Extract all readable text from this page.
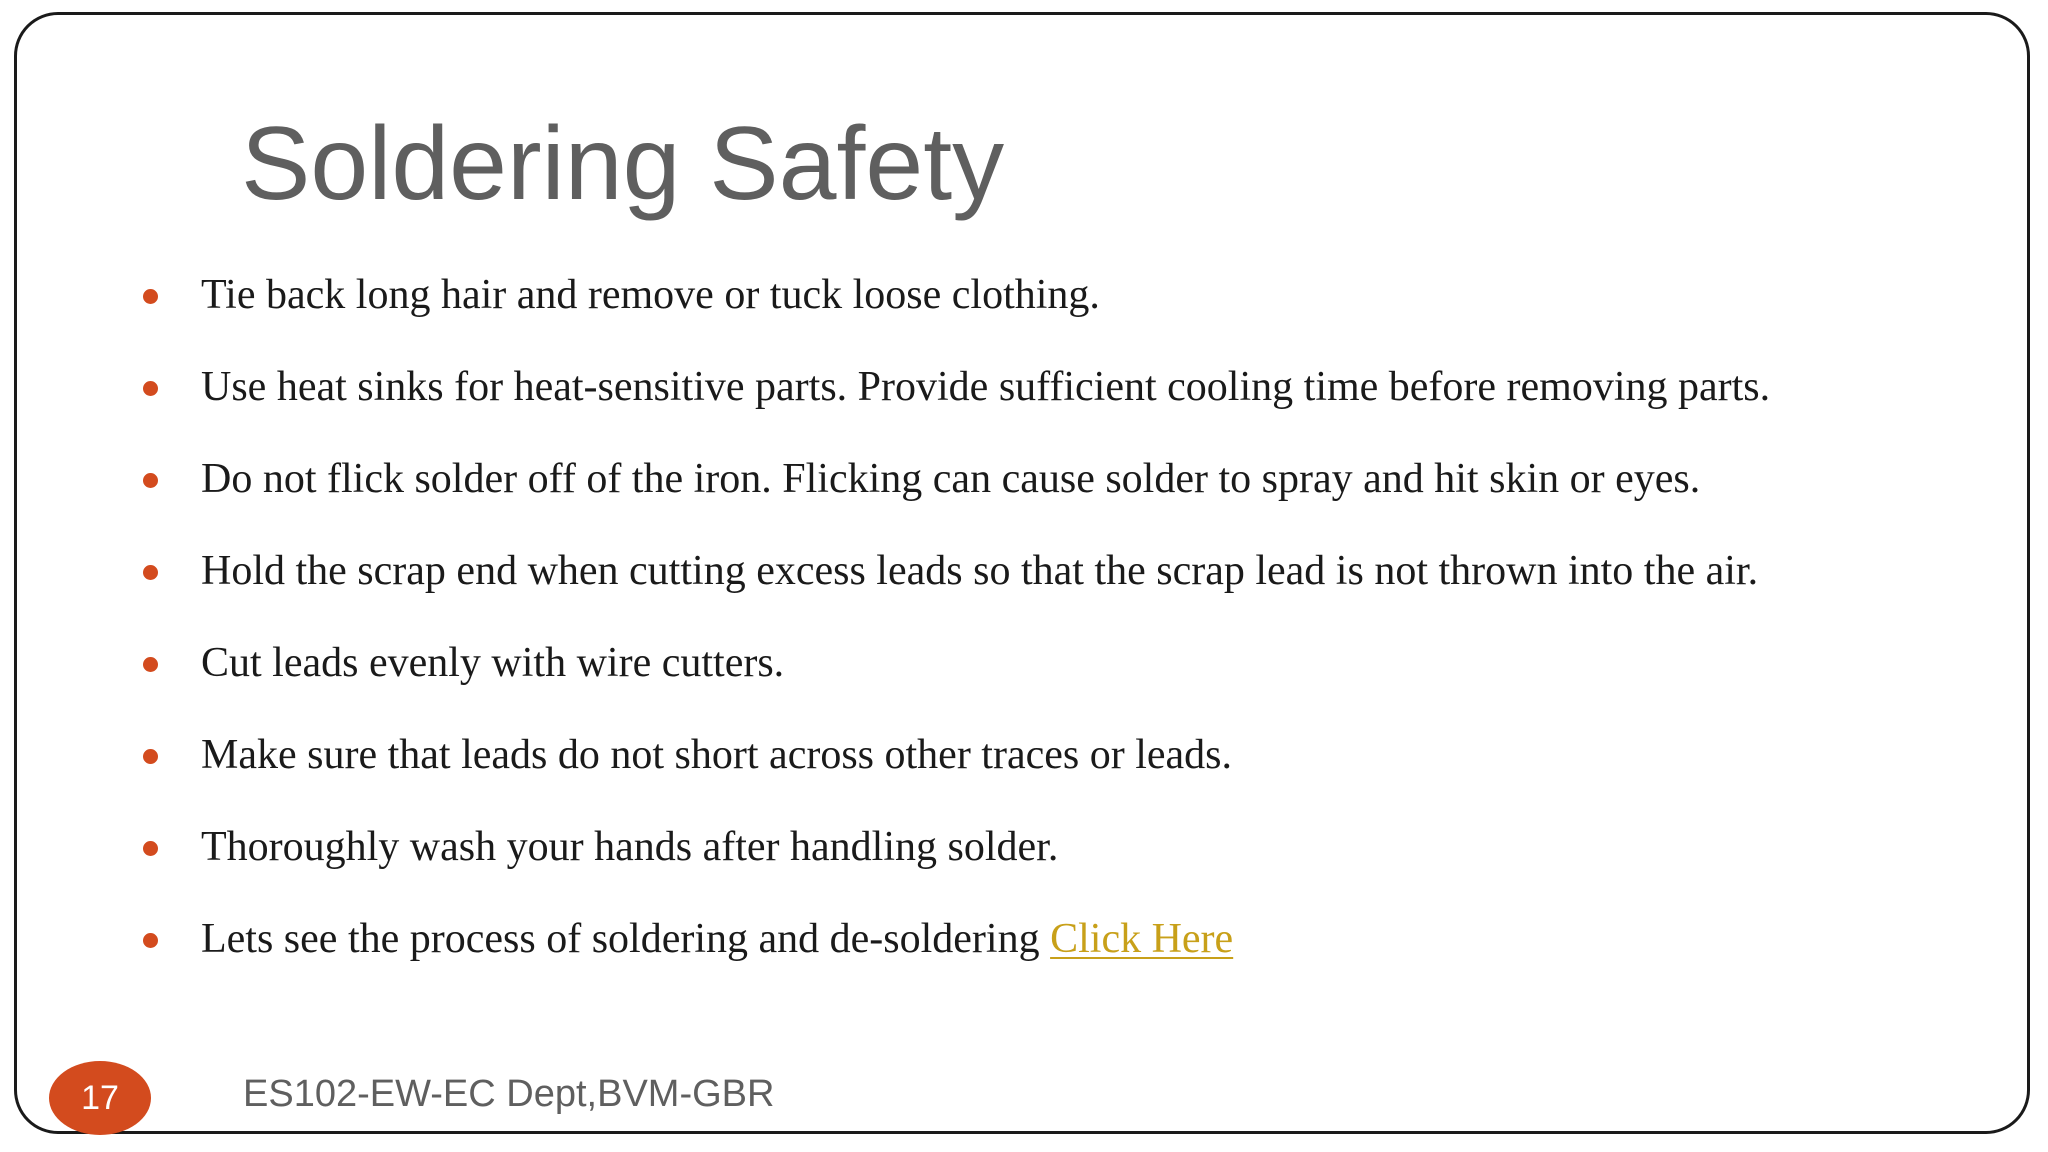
Soldering Safety
Tie back long hair and remove or tuck loose clothing.
Use heat sinks for heat-sensitive parts. Provide sufficient cooling time before removing parts.
Do not flick solder off of the iron. Flicking can cause solder to spray and hit skin or eyes.
Hold the scrap end when cutting excess leads so that the scrap lead is not thrown into the air.
Cut leads evenly with wire cutters.
Make sure that leads do not short across other traces or leads.
Thoroughly wash your hands after handling solder.
Lets see the process of soldering and de-soldering Click Here
17	ES102-EW-EC Dept,BVM-GBR
